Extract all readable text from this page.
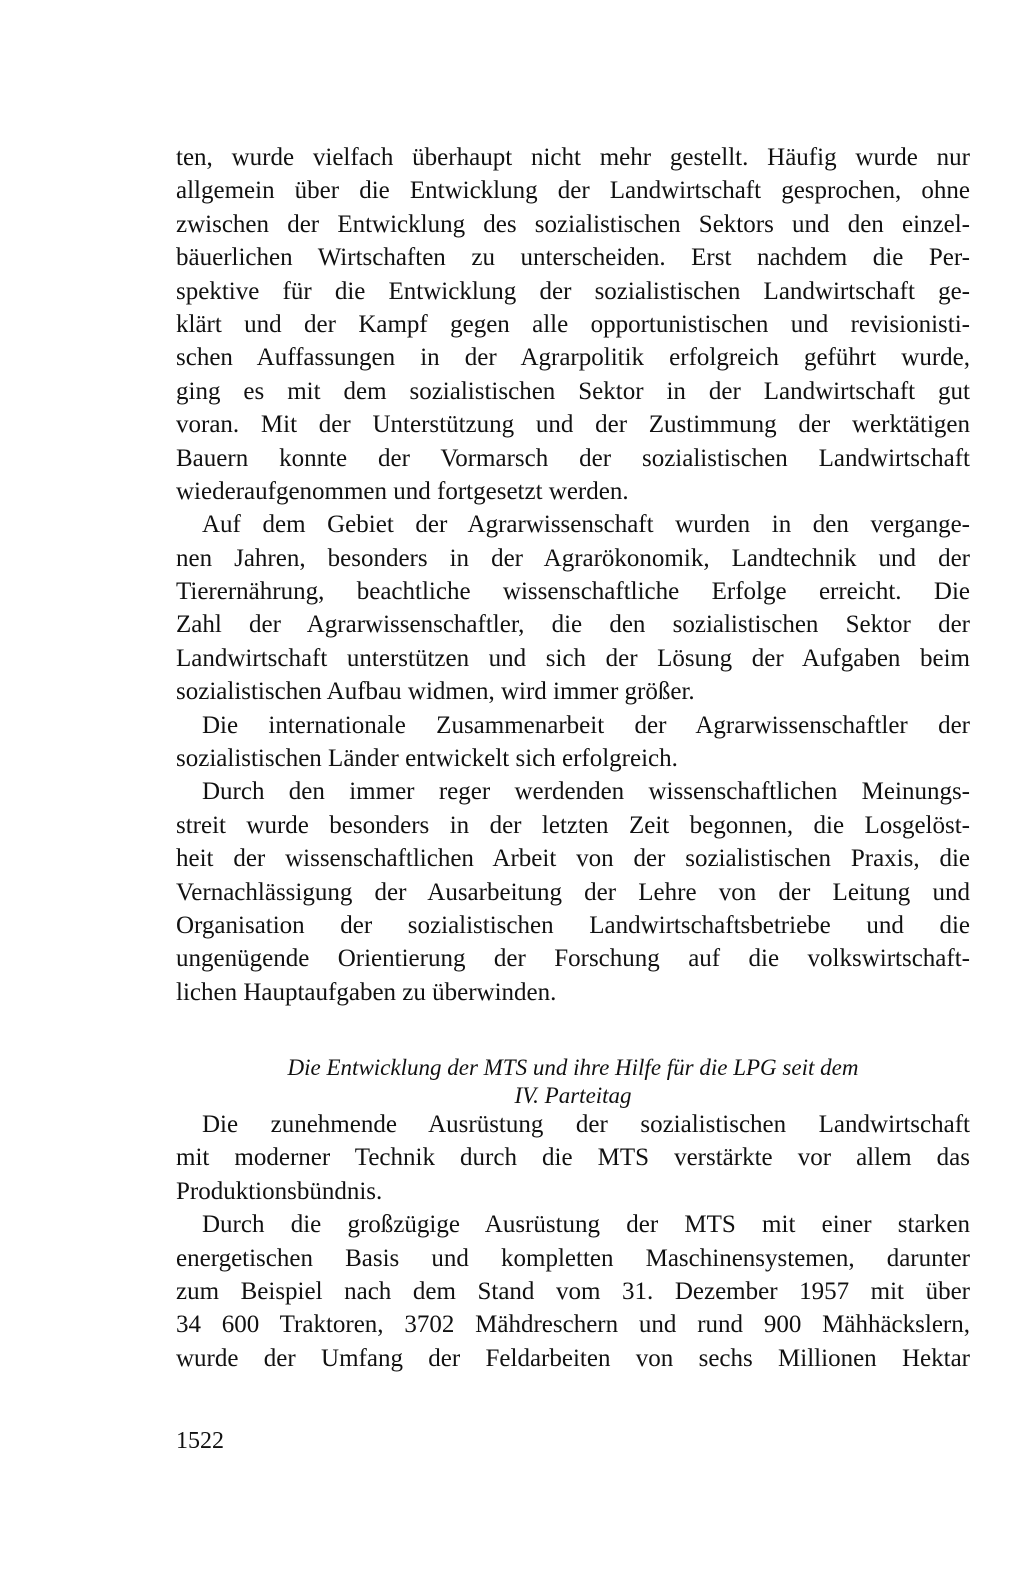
ten, wurde vielfach überhaupt nicht mehr gestellt. Häufig wurde nur
allgemein über die Entwicklung der Landwirtschaft gesprochen, ohne
zwischen der Entwicklung des sozialistischen Sektors und den einzel-
bäuerlichen Wirtschaften zu unterscheiden. Erst nachdem die Per-
spektive für die Entwicklung der sozialistischen Landwirtschaft ge-
klärt und der Kampf gegen alle opportunistischen und revisionisti-
schen Auffassungen in der Agrarpolitik erfolgreich geführt wurde,
ging es mit dem sozialistischen Sektor in der Landwirtschaft gut
voran. Mit der Unterstützung und der Zustimmung der werktätigen
Bauern konnte der Vormarsch der sozialistischen Landwirtschaft
wiederaufgenommen und fortgesetzt werden.
Auf dem Gebiet der Agrarwissenschaft wurden in den vergange-
nen Jahren, besonders in der Agrarökonomik, Landtechnik und der
Tierernährung, beachtliche wissenschaftliche Erfolge erreicht. Die
Zahl der Agrarwissenschaftler, die den sozialistischen Sektor der
Landwirtschaft unterstützen und sich der Lösung der Aufgaben beim
sozialistischen Aufbau widmen, wird immer größer.
Die internationale Zusammenarbeit der Agrarwissenschaftler der
sozialistischen Länder entwickelt sich erfolgreich.
Durch den immer reger werdenden wissenschaftlichen Meinungs-
streit wurde besonders in der letzten Zeit begonnen, die Losgelöst-
heit der wissenschaftlichen Arbeit von der sozialistischen Praxis, die
Vernachlässigung der Ausarbeitung der Lehre von der Leitung und
Organisation der sozialistischen Landwirtschaftsbetriebe und die
ungenügende Orientierung der Forschung auf die volkswirtschaft-
lichen Hauptaufgaben zu überwinden.
Die Entwicklung der MTS und ihre Hilfe für die LPG seit dem
IV. Parteitag
Die zunehmende Ausrüstung der sozialistischen Landwirtschaft
mit moderner Technik durch die MTS verstärkte vor allem das
Produktionsbündnis.
Durch die großzügige Ausrüstung der MTS mit einer starken
energetischen Basis und kompletten Maschinensystemen, darunter
zum Beispiel nach dem Stand vom 31. Dezember 1957 mit über
34 600 Traktoren, 3702 Mähdreschern und rund 900 Mähhäckslern,
wurde der Umfang der Feldarbeiten von sechs Millionen Hektar
1522
